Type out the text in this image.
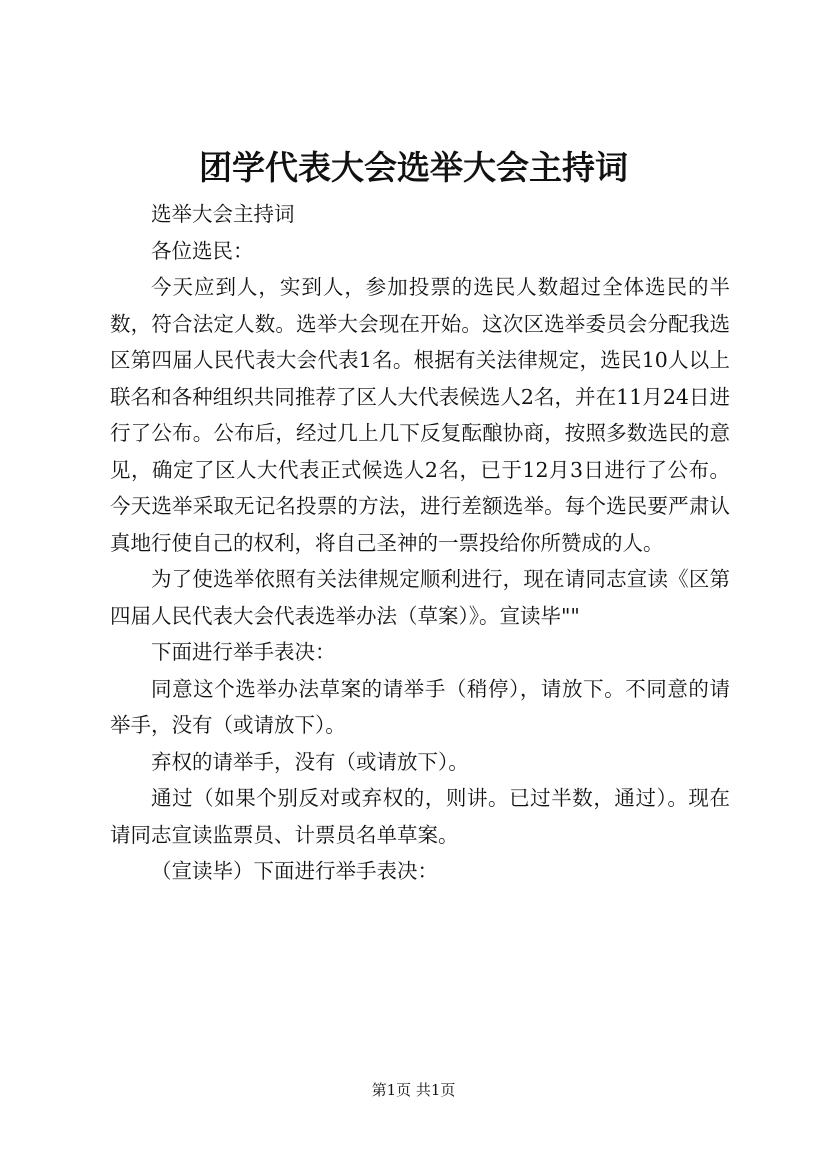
团学代表大会选举大会主持词

选举大会主持词

各位选民：

今天应到人，实到人，参加投票的选民人数超过全体选民的半数，符合法定人数。选举大会现在开始。这次区选举委员会分配我选区第四届人民代表大会代表1名。根据有关法律规定，选民10人以上联名和各种组织共同推荐了区人大代表候选人2名，并在11月24日进行了公布。公布后，经过几上几下反复酝酿协商，按照多数选民的意见，确定了区人大代表正式候选人2名，已于12月3日进行了公布。今天选举采取无记名投票的方法，进行差额选举。每个选民要严肃认真地行使自己的权利，将自己圣神的一票投给你所赞成的人。

为了使选举依照有关法律规定顺利进行，现在请同志宣读《区第四届人民代表大会代表选举办法（草案）》。宣读毕""

下面进行举手表决：

同意这个选举办法草案的请举手（稍停），请放下。不同意的请举手，没有（或请放下）。

弃权的请举手，没有（或请放下）。

通过（如果个别反对或弃权的，则讲。已过半数，通过）。现在请同志宣读监票员、计票员名单草案。

（宣读毕）下面进行举手表决：

第1页 共1页
